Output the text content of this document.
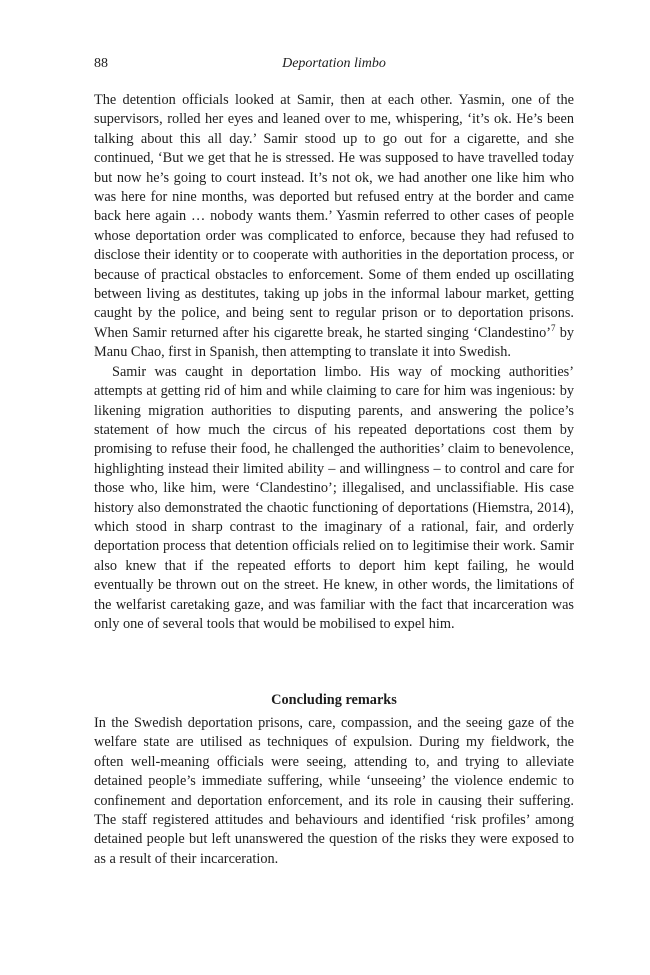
88	Deportation limbo

The detention officials looked at Samir, then at each other. Yasmin, one of the supervisors, rolled her eyes and leaned over to me, whispering, ‘it’s ok. He’s been talking about this all day.’ Samir stood up to go out for a cigarette, and she continued, ‘But we get that he is stressed. He was supposed to have travelled today but now he’s going to court instead. It’s not ok, we had another one like him who was here for nine months, was deported but refused entry at the border and came back here again … nobody wants them.’ Yasmin referred to other cases of people whose deportation order was complicated to enforce, because they had refused to disclose their identity or to cooperate with authorities in the deportation process, or because of practical obstacles to enforcement. Some of them ended up oscillating between living as destitutes, taking up jobs in the informal labour market, getting caught by the police, and being sent to regular prison or to deportation prisons. When Samir returned after his cigarette break, he started singing ‘Clandestino’$^7$ by Manu Chao, first in Spanish, then attempting to translate it into Swedish.

Samir was caught in deportation limbo. His way of mocking authorities’ attempts at getting rid of him and while claiming to care for him was ingenious: by likening migration authorities to disputing parents, and answering the police’s statement of how much the circus of his repeated deportations cost them by promising to refuse their food, he challenged the authorities’ claim to benevolence, highlighting instead their limited ability – and willingness – to control and care for those who, like him, were ‘Clandestino’; illegalised, and unclassifiable. His case history also demonstrated the chaotic functioning of deportations (Hiemstra, 2014), which stood in sharp contrast to the imaginary of a rational, fair, and orderly deportation process that detention officials relied on to legitimise their work. Samir also knew that if the repeated efforts to deport him kept failing, he would eventually be thrown out on the street. He knew, in other words, the limitations of the welfarist caretaking gaze, and was familiar with the fact that incarceration was only one of several tools that would be mobilised to expel him.

Concluding remarks

In the Swedish deportation prisons, care, compassion, and the seeing gaze of the welfare state are utilised as techniques of expulsion. During my fieldwork, the often well-meaning officials were seeing, attending to, and trying to alleviate detained people’s immediate suffering, while ‘unseeing’ the violence endemic to confinement and deportation enforcement, and its role in causing their suffering. The staff registered attitudes and behaviours and identified ‘risk profiles’ among detained people but left unanswered the question of the risks they were exposed to as a result of their incarceration.
